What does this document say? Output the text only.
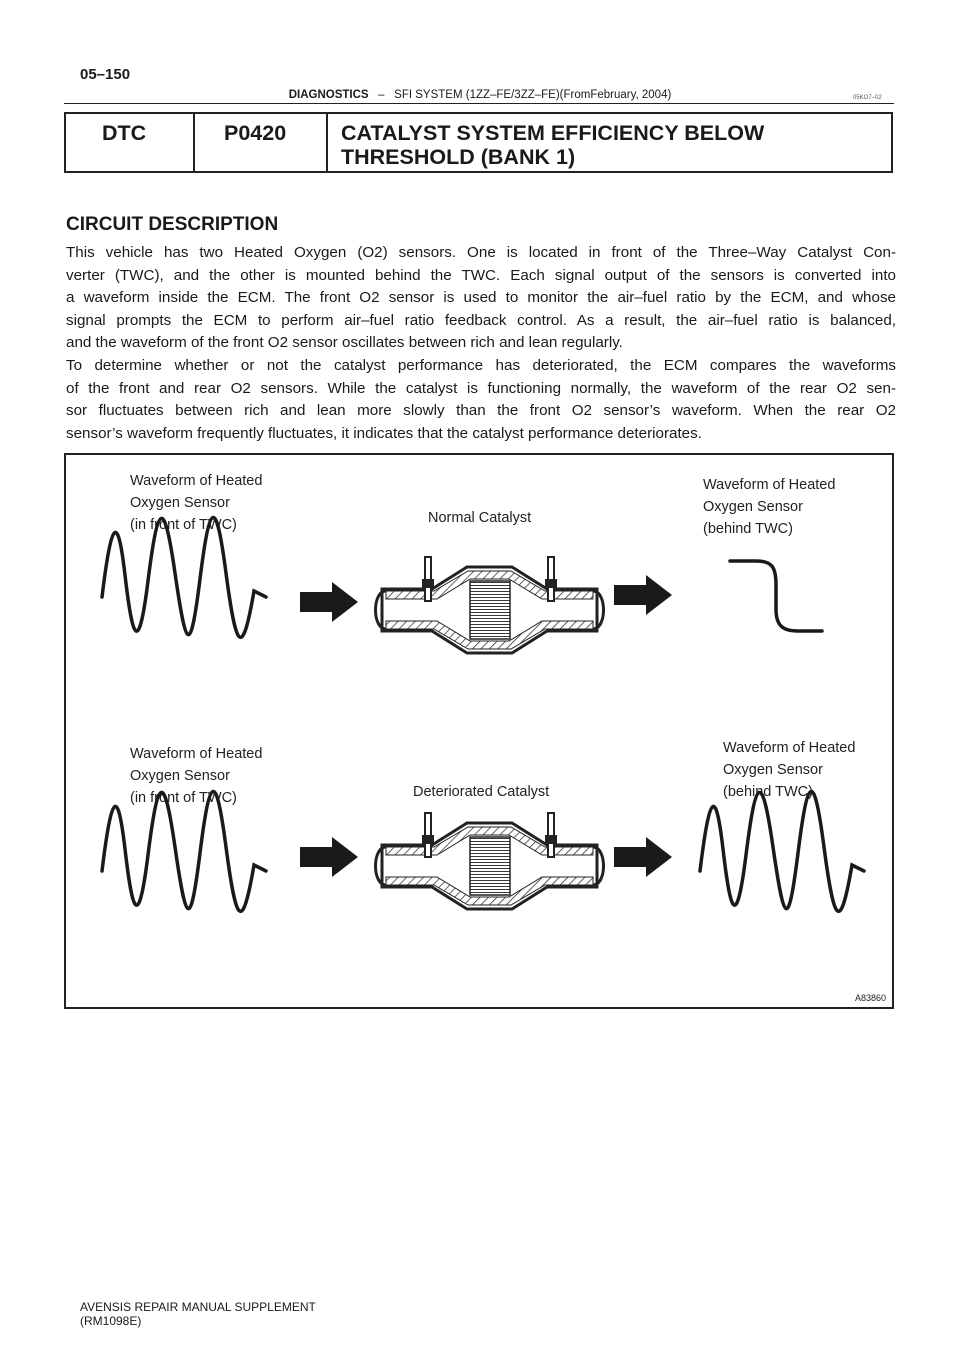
05–150
DIAGNOSTICS – SFI SYSTEM (1ZZ–FE/3ZZ–FE)(FromFebruary, 2004)	05KO7–02
DTC	P0420	CATALYST SYSTEM EFFICIENCY BELOW
THRESHOLD (BANK 1)
CIRCUIT DESCRIPTION

This vehicle has two Heated Oxygen (O2) sensors. One is located in front of the Three–Way Catalyst Con-

verter (TWC), and the other is mounted behind the TWC. Each signal output of the sensors is converted into

a waveform inside the ECM. The front O2 sensor is used to monitor the air–fuel ratio by the ECM, and whose

signal prompts the ECM to perform air–fuel ratio feedback control. As a result, the air–fuel ratio is balanced,

and the waveform of the front O2 sensor oscillates between rich and lean regularly.

To determine whether or not the catalyst performance has deteriorated, the ECM compares the waveforms

of the front and rear O2 sensors. While the catalyst is functioning normally, the waveform of the rear O2 sen-

sor fluctuates between rich and lean more slowly than the front O2 sensor’s waveform. When the rear O2

sensor’s waveform frequently fluctuates, it indicates that the catalyst performance deteriorates.

Waveform of Heated
Oxygen Sensor
(in front of TWC)	Normal Catalyst
Waveform of Heated
Oxygen Sensor
(behind TWC)
Waveform of Heated
Oxygen Sensor
(in front of TWC)	Deteriorated Catalyst
Waveform of Heated
Oxygen Sensor
(behind TWC)
A83860
AVENSIS REPAIR MANUAL SUPPLEMENT
(RM1098E)
